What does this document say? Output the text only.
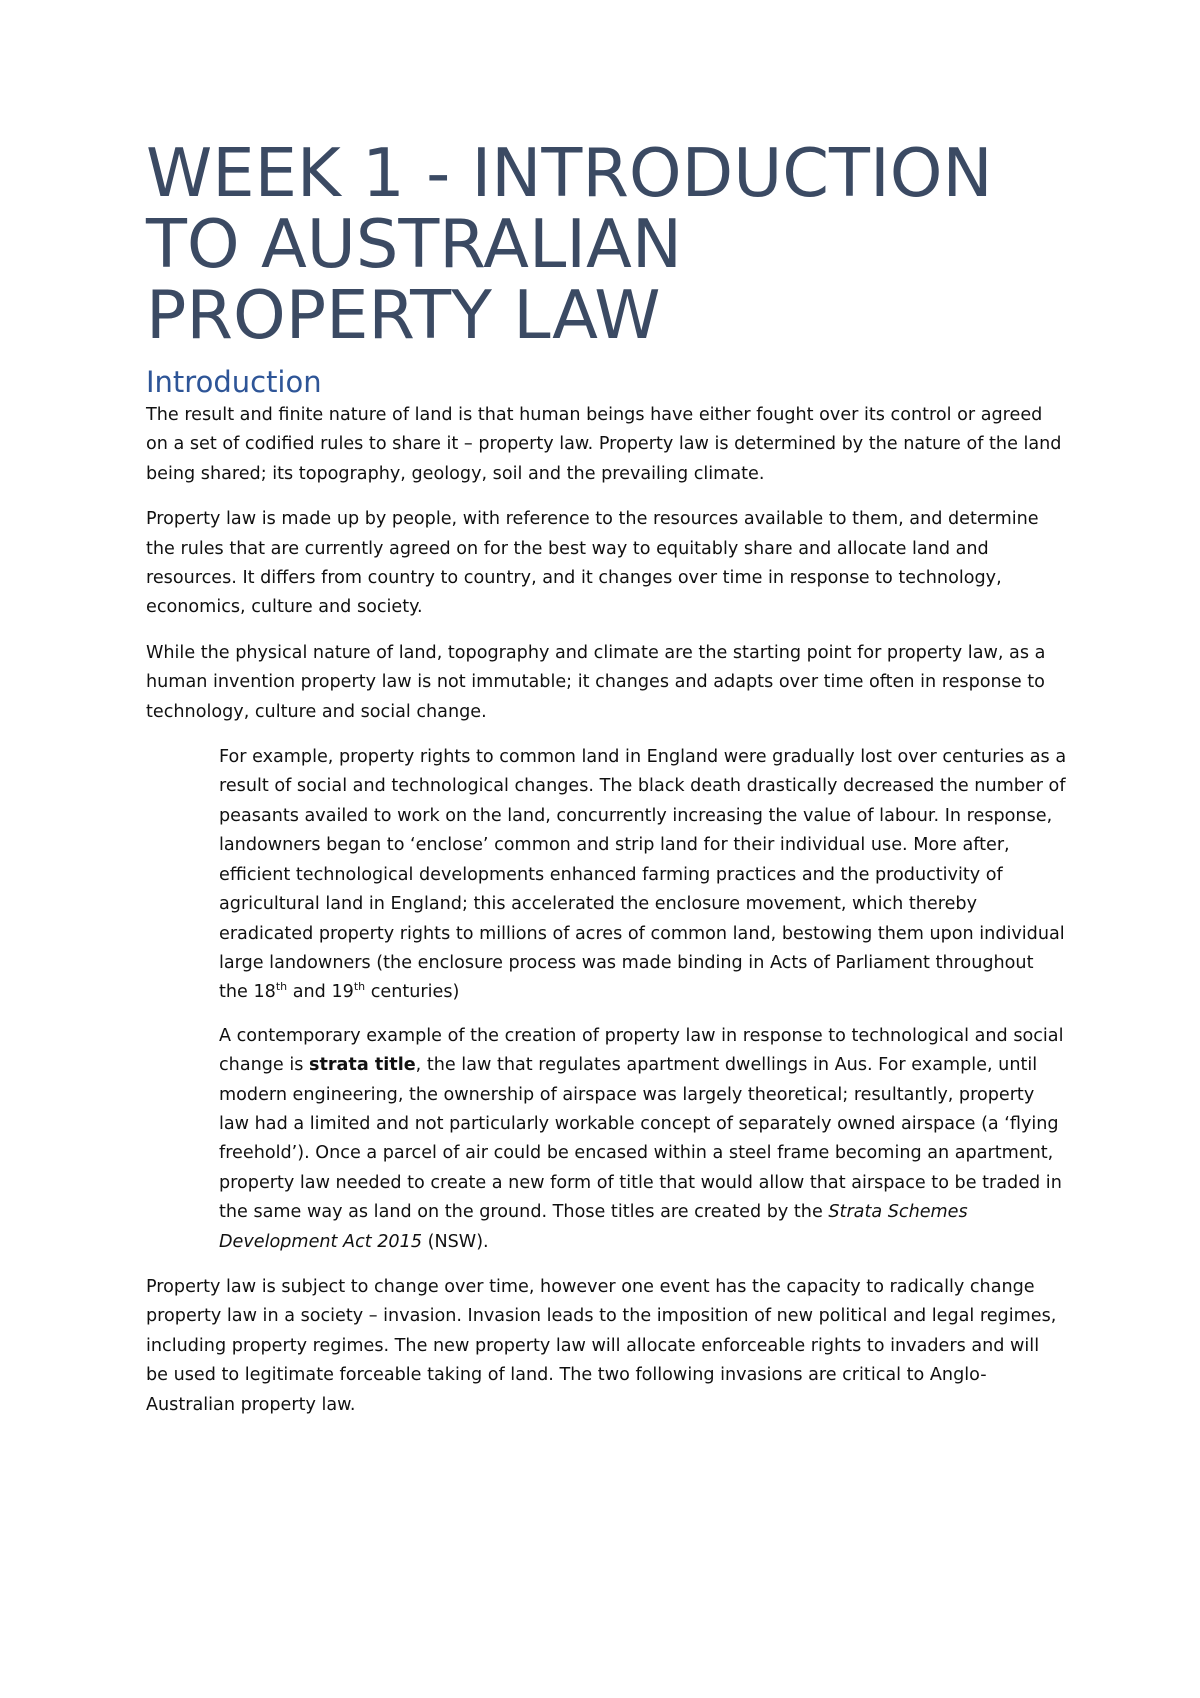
WEEK 1 - INTRODUCTION TO AUSTRALIAN PROPERTY LAW
Introduction

The result and finite nature of land is that human beings have either fought over its control or agreed on a set of codified rules to share it – property law. Property law is determined by the nature of the land being shared; its topography, geology, soil and the prevailing climate.

Property law is made up by people, with reference to the resources available to them, and determine the rules that are currently agreed on for the best way to equitably share and allocate land and resources. It differs from country to country, and it changes over time in response to technology, economics, culture and society.

While the physical nature of land, topography and climate are the starting point for property law, as a human invention property law is not immutable; it changes and adapts over time often in response to technology, culture and social change.

For example, property rights to common land in England were gradually lost over centuries as a result of social and technological changes. The black death drastically decreased the number of peasants availed to work on the land, concurrently increasing the value of labour. In response, landowners began to ‘enclose’ common and strip land for their individual use. More after, efficient technological developments enhanced farming practices and the productivity of agricultural land in England; this accelerated the enclosure movement, which thereby eradicated property rights to millions of acres of common land, bestowing them upon individual large landowners (the enclosure process was made binding in Acts of Parliament throughout the 18th and 19th centuries)

A contemporary example of the creation of property law in response to technological and social change is strata title, the law that regulates apartment dwellings in Aus. For example, until modern engineering, the ownership of airspace was largely theoretical; resultantly, property law had a limited and not particularly workable concept of separately owned airspace (a ‘flying freehold’). Once a parcel of air could be encased within a steel frame becoming an apartment, property law needed to create a new form of title that would allow that airspace to be traded in the same way as land on the ground. Those titles are created by the Strata Schemes Development Act 2015 (NSW).

Property law is subject to change over time, however one event has the capacity to radically change property law in a society – invasion. Invasion leads to the imposition of new political and legal regimes, including property regimes. The new property law will allocate enforceable rights to invaders and will be used to legitimate forceable taking of land. The two following invasions are critical to Anglo-Australian property law.
